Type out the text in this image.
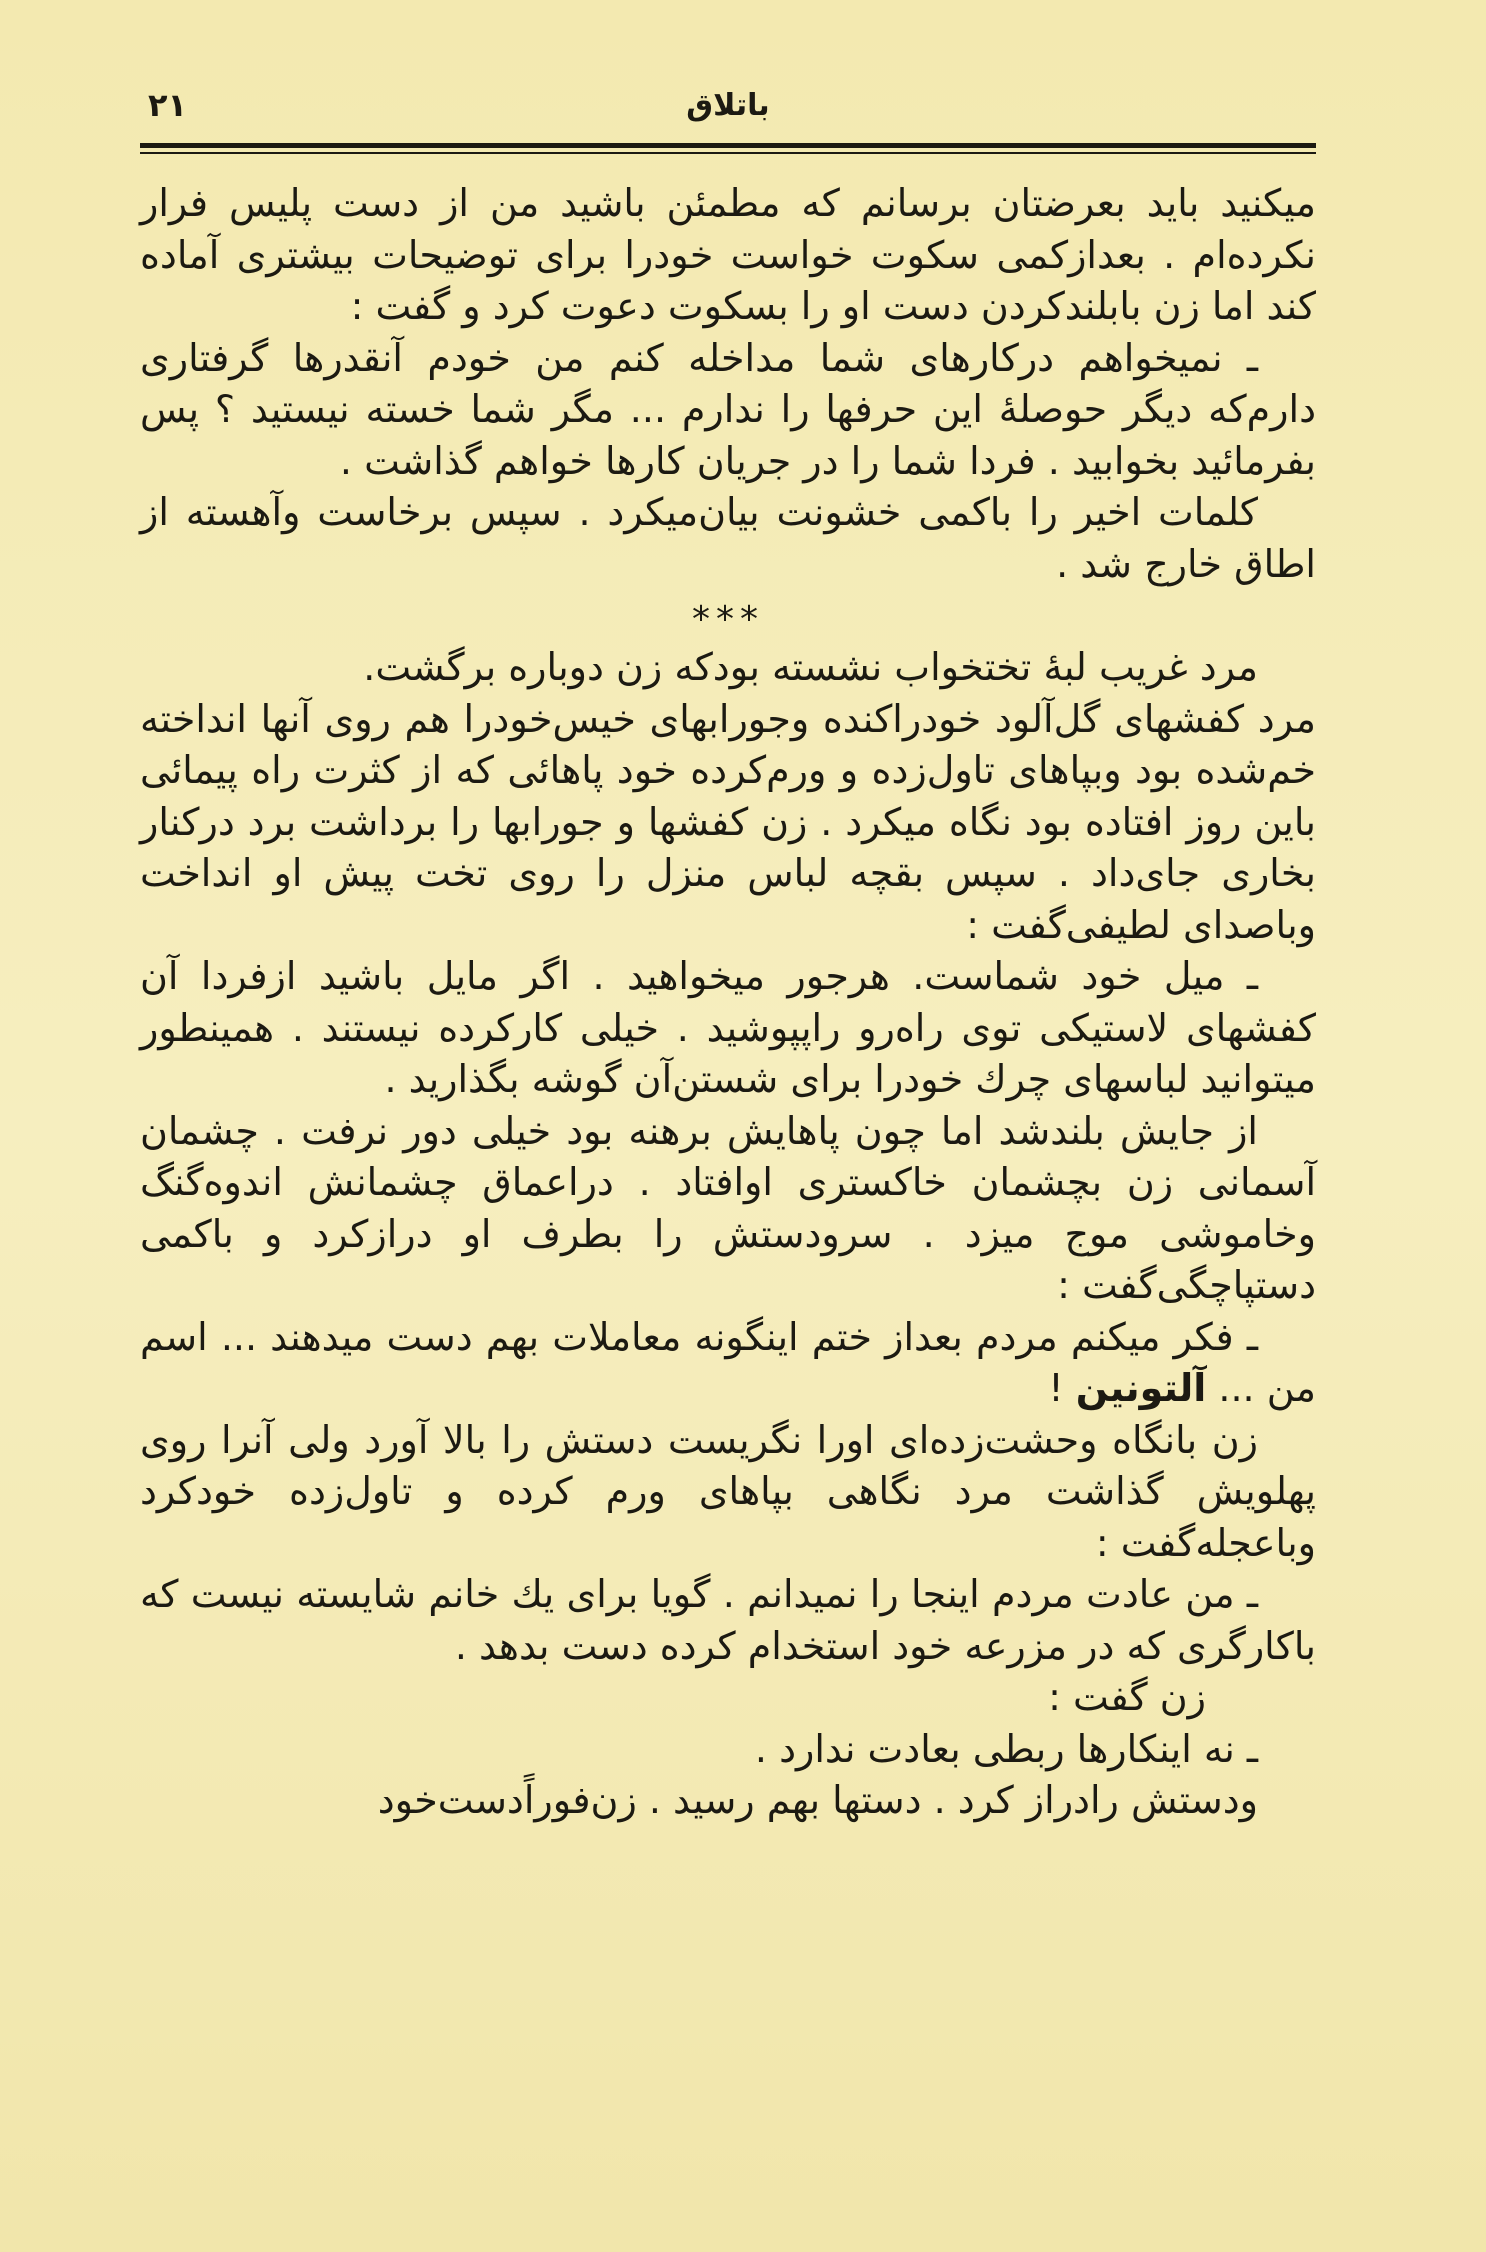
باتلاق
۲۱

میکنید باید بعرضتان برسانم که مطمئن باشید من از دست پلیس فرار نکرده‌ام . بعدازکمی سکوت خواست خودرا برای توضیحات بیشتری آماده کند اما زن بابلندکردن دست او را بسکوت دعوت کرد و گفت :

ـ نمیخواهم درکارهای شما مداخله کنم من خودم آنقدرها گرفتاری دارم‌که دیگر حوصلهٔ این حرفها را ندارم ... مگر شما خسته نیستید ؟ پس بفرمائید بخوابید . فردا شما را در جریان کارها خواهم گذاشت .

کلمات اخیر را باکمی خشونت بیان‌میکرد . سپس برخاست وآهسته از اطاق خارج شد .

***

مرد غریب لبهٔ تختخواب نشسته بودکه زن دوباره برگشت.

مرد کفشهای گل‌آلود خودراکنده وجورابهای خیس‌خودرا هم روی آنها انداخته خم‌شده بود وبپاهای تاول‌زده و ورم‌کرده خود پاهائی که از کثرت راه پیمائی باین روز افتاده بود نگاه میکرد . زن کفشها و جورابها را برداشت برد درکنار بخاری جای‌داد . سپس بقچه لباس منزل را روی تخت پیش او انداخت وباصدای لطیفی‌گفت :

ـ میل خود شماست. هرجور میخواهید . اگر مایل باشید ازفردا آن کفشهای لاستیکی توی راه‌رو راپپوشید . خیلی کارکرده نیستند . همینطور میتوانید لباسهای چرك خودرا برای شستن‌آن گوشه بگذارید .

از جایش بلندشد اما چون پاهایش برهنه بود خیلی دور نرفت . چشمان آسمانی زن بچشمان خاکستری اوافتاد . دراعماق چشمانش اندوه‌گنگ وخاموشی موج میزد . سرودستش را بطرف او درازکرد و باکمی دستپاچگی‌گفت :

ـ فکر میکنم مردم بعداز ختم اینگونه معاملات بهم دست میدهند ... اسم من ... آلتونین !

زن بانگاه وحشت‌زده‌ای اورا نگریست دستش را بالا آورد ولی آنرا روی پهلویش گذاشت مرد نگاهی بپاهای ورم کرده و تاول‌زده خودکرد وباعجله‌گفت :

ـ من عادت مردم اینجا را نمیدانم . گویا برای یك خانم شایسته نیست که باکارگری که در مزرعه خود استخدام کرده دست بدهد .

زن گفت :

ـ نه اینکارها ربطی بعادت ندارد .

ودستش رادراز کرد . دستها بهم رسید . زن‌فوراً‌دست‌خود
